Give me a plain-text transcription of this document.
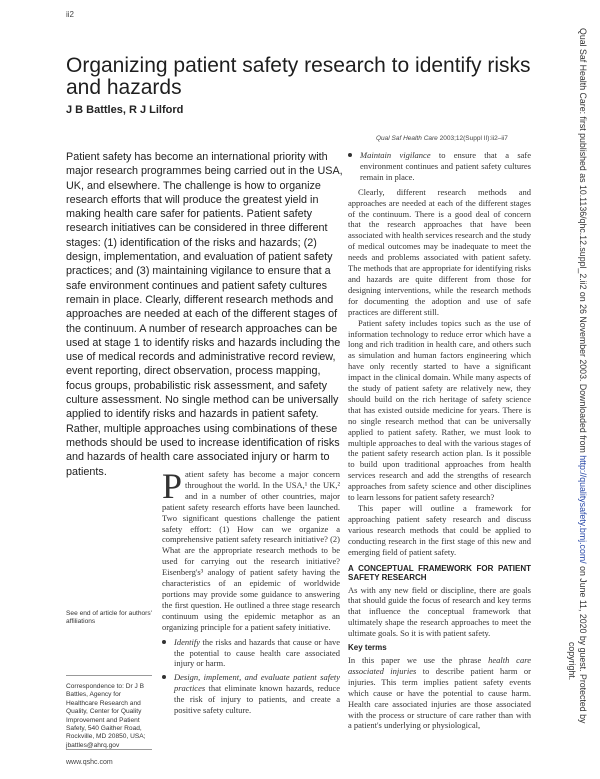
ii2
Organizing patient safety research to identify risks and hazards
J B Battles, R J Lilford
Qual Saf Health Care 2003;12(Suppl II):ii2–ii7

Patient safety has become an international priority with major research programmes being carried out in the USA, UK, and elsewhere. The challenge is how to organize research efforts that will produce the greatest yield in making health care safer for patients. Patient safety research initiatives can be considered in three different stages: (1) identification of the risks and hazards; (2) design, implementation, and evaluation of patient safety practices; and (3) maintaining vigilance to ensure that a safe environment continues and patient safety cultures remain in place. Clearly, different research methods and approaches are needed at each of the different stages of the continuum. A number of research approaches can be used at stage 1 to identify risks and hazards including the use of medical records and administrative record review, event reporting, direct observation, process mapping, focus groups, probabilistic risk assessment, and safety culture assessment. No single method can be universally applied to identify risks and hazards in patient safety. Rather, multiple approaches using combinations of these methods should be used to increase identification of risks and hazards of health care associated injury or harm to patients.	Patient safety has become a major concern throughout the world. In the USA,¹ the UK,² and in a number of other countries, major patient safety research efforts have been launched. Two significant questions challenge the patient safety effort: (1) How can we organize a comprehensive patient safety research initiative? (2) What are the appropriate research methods to be used for carrying out the research initiative? Eisenberg's³ analogy of patient safety having the characteristics of an epidemic of worldwide portions may provide some guidance to answering the first question. He outlined a three stage research continuum using the epidemic metaphor as an organizing principle for a patient safety initiative.

Identify the risks and hazards that cause or have the potential to cause health care associated injury or harm.
Design, implement, and evaluate patient safety practices that eliminate known hazards, reduce the risk of injury to patients, and create a positive safety culture.
Maintain vigilance to ensure that a safe environment continues and patient safety cultures remain in place.

Clearly, different research methods and approaches are needed at each of the different stages of the continuum. There is a good deal of concern that the research approaches that have been associated with health services research and the study of medical outcomes may be inadequate to meet the needs and problems associated with patient safety. The methods that are appropriate for identifying risks and hazards are quite different from those for designing interventions, while the research methods for documenting the adoption and use of safe practices are different still.

Patient safety includes topics such as the use of information technology to reduce error which have a long and rich tradition in health care, and others such as simulation and human factors engineering which have only recently started to have a significant impact in the clinical domain. While many aspects of the study of patient safety are relatively new, they should build on the rich heritage of safety science that has existed outside medicine for years. There is no single research method that can be universally applied to patient safety. Rather, we must look to multiple approaches to deal with the various stages of the patient safety research action plan. Is it possible to build upon traditional approaches from health services research and add the strengths of research approaches from safety science and other disciplines to learn lessons for patient safety research?

This paper will outline a framework for approaching patient safety research and discuss various research methods that could be applied to conducting research in the first stage of this new and emerging field of patient safety.

A CONCEPTUAL FRAMEWORK FOR PATIENT SAFETY RESEARCH

As with any new field or discipline, there are goals that should guide the focus of research and key terms that influence the conceptual framework that ultimately shape the research approaches to meet the ultimate goals. So it is with patient safety.

Key terms

In this paper we use the phrase health care associated injuries to describe patient harm or injuries. This term implies patient safety events which cause or have the potential to cause harm. Health care associated injuries are those associated with the process or structure of care rather than with a patient's underlying or physiological,

See end of article for authors' affiliations
Correspondence to: Dr J B Battles, Agency for Healthcare Research and Quality, Center for Quality Improvement and Patient Safety, 540 Gaither Road, Rockville, MD 20850, USA; jbattles@ahrq.gov
www.qshc.com
Qual Saf Health Care: first published as 10.1136/qhc.12.suppl_2.ii2 on 26 November 2003. Downloaded from http://qualitysafety.bmj.com/ on June 11, 2020 by guest. Protected by
copyright.
